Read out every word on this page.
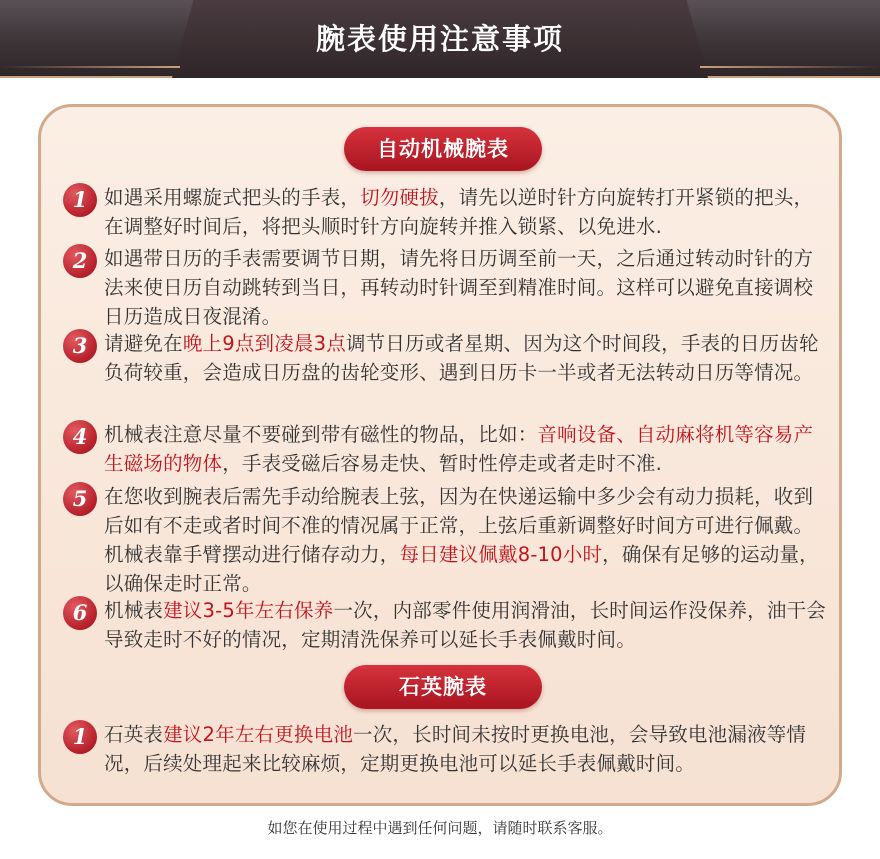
腕表使用注意事项
自动机械腕表
1 如遇采用螺旋式把头的手表，切勿硬拔，请先以逆时针方向旋转打开紧锁的把头，在调整好时间后，将把头顺时针方向旋转并推入锁紧、以免进水.
2 如遇带日历的手表需要调节日期，请先将日历调至前一天，之后通过转动时针的方法来使日历自动跳转到当日，再转动时针调至到精准时间。这样可以避免直接调校日历造成日夜混淆。
3 请避免在晚上9点到凌晨3点调节日历或者星期、因为这个时间段，手表的日历齿轮负荷较重，会造成日历盘的齿轮变形、遇到日历卡一半或者无法转动日历等情况。
4 机械表注意尽量不要碰到带有磁性的物品，比如：音响设备、自动麻将机等容易产生磁场的物体，手表受磁后容易走快、暂时性停走或者走时不准.
5 在您收到腕表后需先手动给腕表上弦，因为在快递运输中多少会有动力损耗，收到后如有不走或者时间不准的情况属于正常，上弦后重新调整好时间方可进行佩戴。机械表靠手臂摆动进行储存动力，每日建议佩戴8-10小时，确保有足够的运动量，以确保走时正常。
6 机械表建议3-5年左右保养一次，内部零件使用润滑油，长时间运作没保养，油干会导致走时不好的情况，定期清洗保养可以延长手表佩戴时间。
石英腕表
1 石英表建议2年左右更换电池一次，长时间未按时更换电池，会导致电池漏液等情况，后续处理起来比较麻烦，定期更换电池可以延长手表佩戴时间。
如您在使用过程中遇到任何问题，请随时联系客服。
